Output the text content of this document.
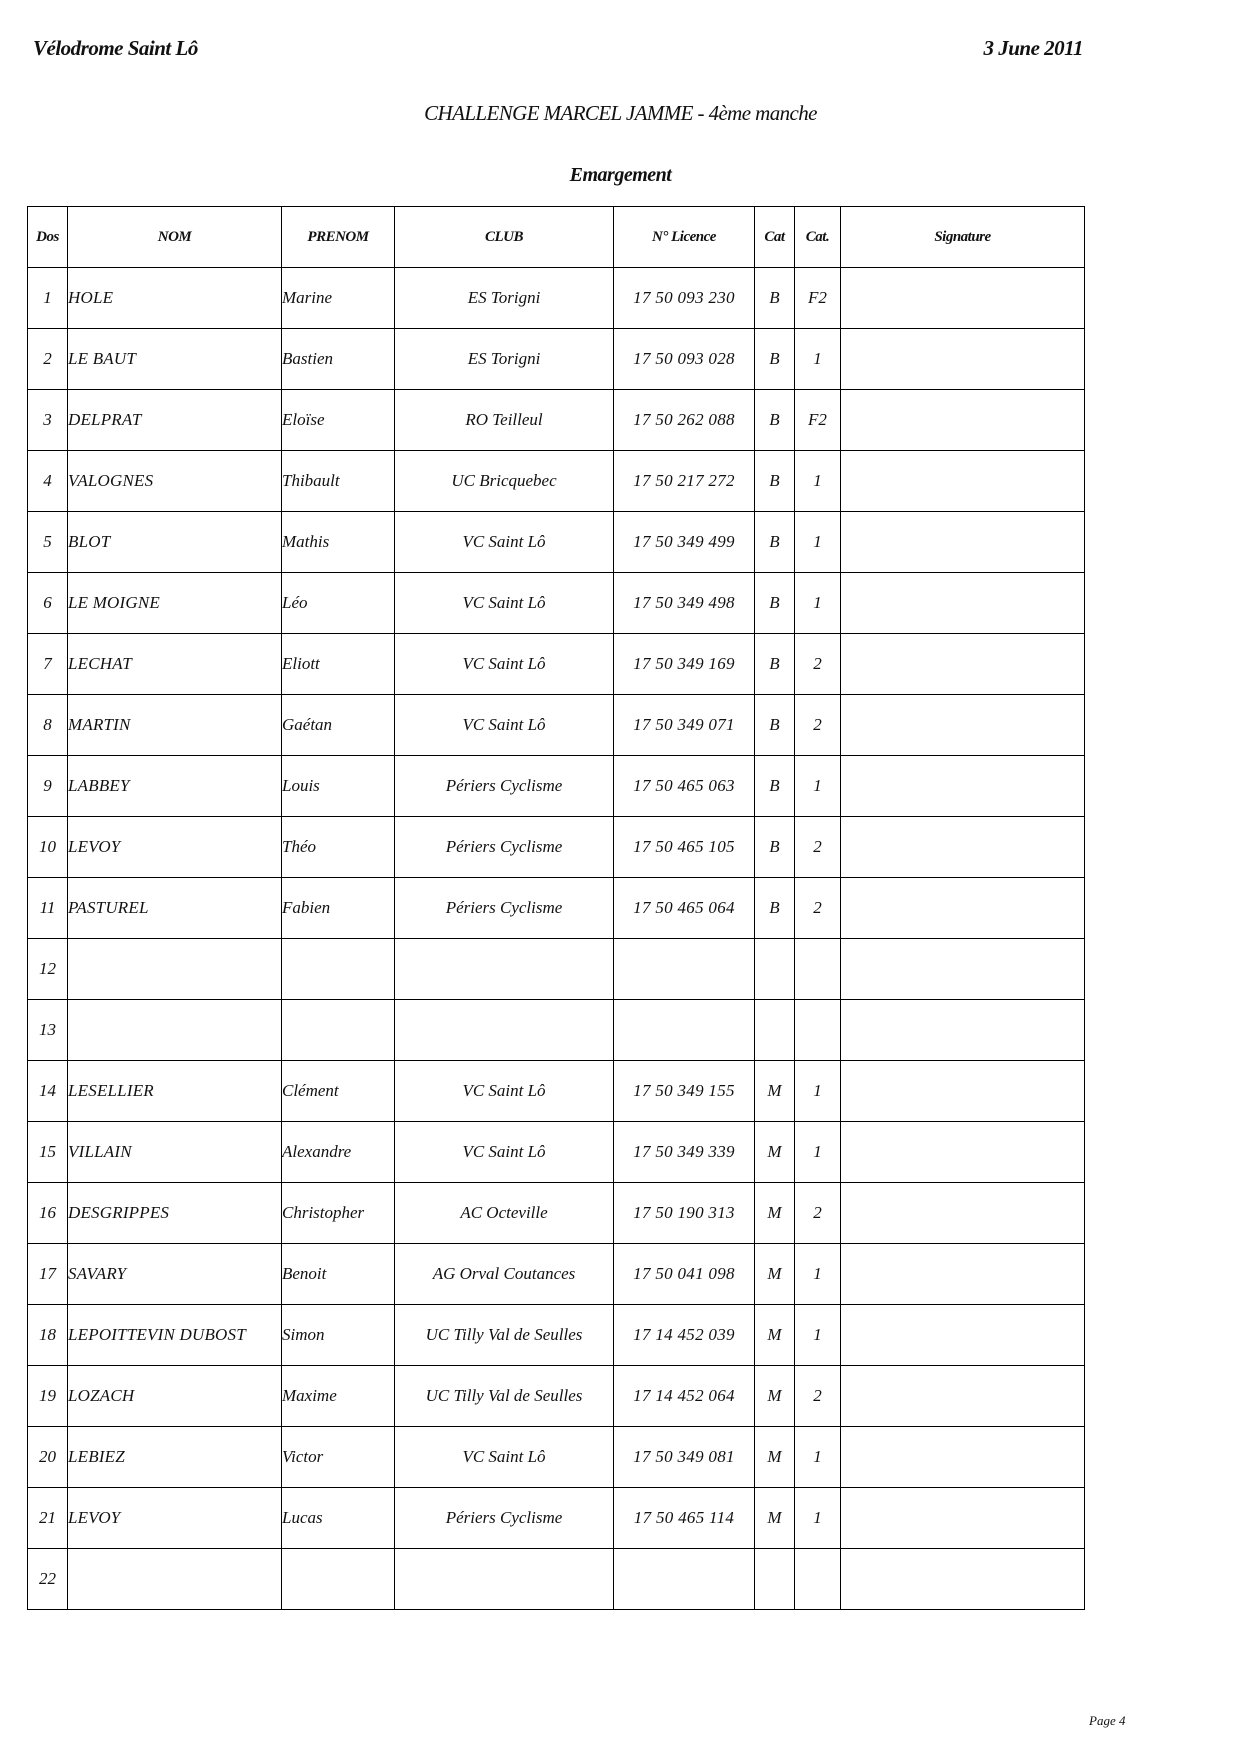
Vélodrome Saint Lô	3 June 2011
CHALLENGE MARCEL JAMME - 4ème manche
Emargement
Dos	NOM	PRENOM	CLUB	N° Licence	Cat	Cat.	Signature
1	HOLE	Marine	ES Torigni	17 50 093 230	B	F2	
2	LE BAUT	Bastien	ES Torigni	17 50 093 028	B	1	
3	DELPRAT	Eloïse	RO Teilleul	17 50 262 088	B	F2	
4	VALOGNES	Thibault	UC Bricquebec	17 50 217 272	B	1	
5	BLOT	Mathis	VC Saint Lô	17 50 349 499	B	1	
6	LE MOIGNE	Léo	VC Saint Lô	17 50 349 498	B	1	
7	LECHAT	Eliott	VC Saint Lô	17 50 349 169	B	2	
8	MARTIN	Gaétan	VC Saint Lô	17 50 349 071	B	2	
9	LABBEY	Louis	Périers Cyclisme	17 50 465 063	B	1	
10	LEVOY	Théo	Périers Cyclisme	17 50 465 105	B	2	
11	PASTUREL	Fabien	Périers Cyclisme	17 50 465 064	B	2	
12							
13							
14	LESELLIER	Clément	VC Saint Lô	17 50 349 155	M	1	
15	VILLAIN	Alexandre	VC Saint Lô	17 50 349 339	M	1	
16	DESGRIPPES	Christopher	AC Octeville	17 50 190 313	M	2	
17	SAVARY	Benoit	AG Orval Coutances	17 50 041 098	M	1	
18	LEPOITTEVIN DUBOST	Simon	UC Tilly Val de Seulles	17 14 452 039	M	1	
19	LOZACH	Maxime	UC Tilly Val de Seulles	17 14 452 064	M	2	
20	LEBIEZ	Victor	VC Saint Lô	17 50 349 081	M	1	
21	LEVOY	Lucas	Périers Cyclisme	17 50 465 114	M	1	
22							
Page 4
